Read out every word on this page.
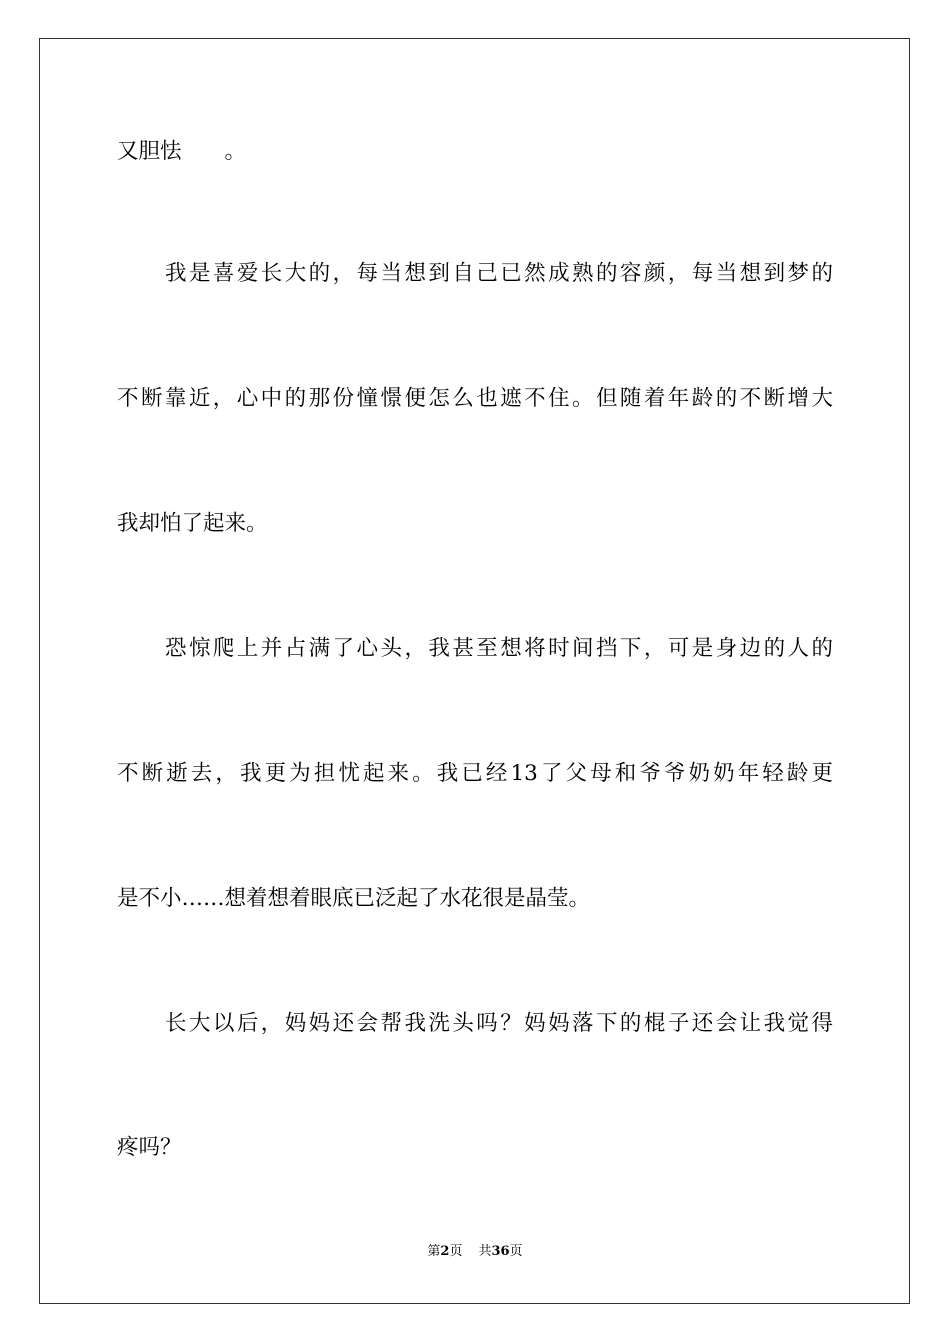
又胆怯　　。
我是喜爱长大的，每当想到自己已然成熟的容颜，每当想到梦的
不断靠近，心中的那份憧憬便怎么也遮不住。但随着年龄的不断增大
我却怕了起来。
恐惊爬上并占满了心头，我甚至想将时间挡下，可是身边的人的
不断逝去，我更为担忧起来。我已经13了父母和爷爷奶奶年轻龄更
是不小……想着想着眼底已泛起了水花很是晶莹。
长大以后，妈妈还会帮我洗头吗？妈妈落下的棍子还会让我觉得
疼吗？
第2页 共36页
